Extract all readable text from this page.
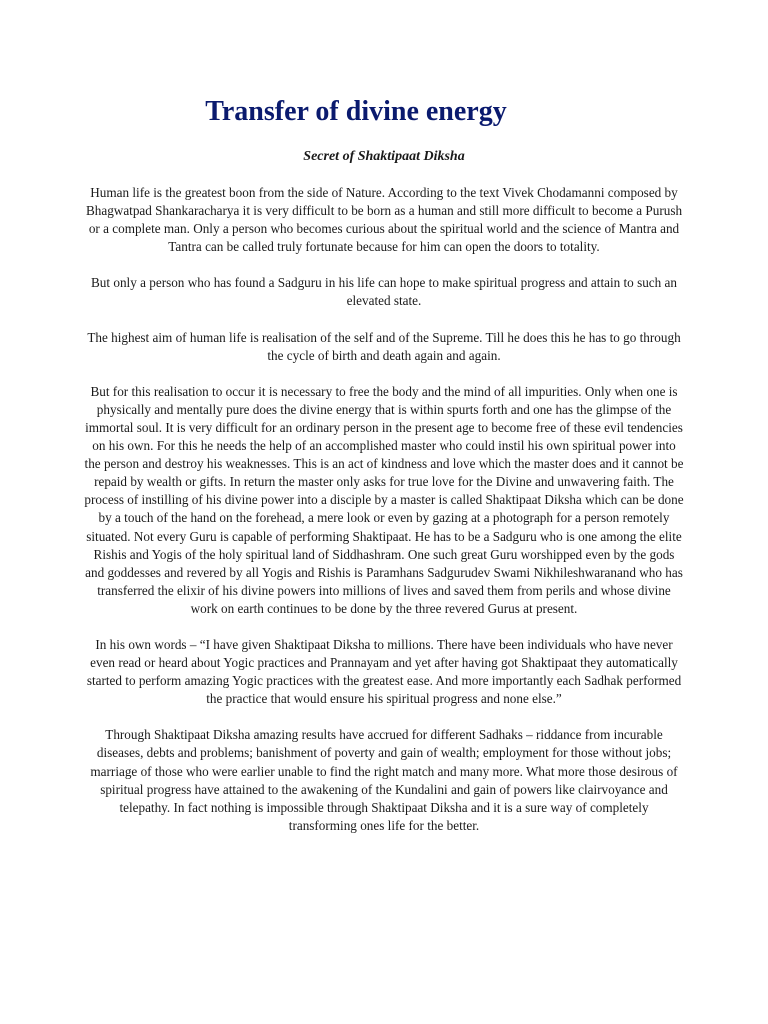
Transfer of divine energy
Secret of Shaktipaat Diksha

Human life is the greatest boon from the side of Nature. According to the text Vivek Chodamanni composed by Bhagwatpad Shankaracharya it is very difficult to be born as a human and still more difficult to become a Purush or a complete man. Only a person who becomes curious about the spiritual world and the science of Mantra and Tantra can be called truly fortunate because for him can open the doors to totality.

But only a person who has found a Sadguru in his life can hope to make spiritual progress and attain to such an elevated state.

The highest aim of human life is realisation of the self and of the Supreme. Till he does this he has to go through the cycle of birth and death again and again.

But for this realisation to occur it is necessary to free the body and the mind of all impurities. Only when one is physically and mentally pure does the divine energy that is within spurts forth and one has the glimpse of the immortal soul. It is very difficult for an ordinary person in the present age to become free of these evil tendencies on his own. For this he needs the help of an accomplished master who could instil his own spiritual power into the person and destroy his weaknesses. This is an act of kindness and love which the master does and it cannot be repaid by wealth or gifts. In return the master only asks for true love for the Divine and unwavering faith. The process of instilling of his divine power into a disciple by a master is called Shaktipaat Diksha which can be done by a touch of the hand on the forehead, a mere look or even by gazing at a photograph for a person remotely situated. Not every Guru is capable of performing Shaktipaat. He has to be a Sadguru who is one among the elite Rishis and Yogis of the holy spiritual land of Siddhashram. One such great Guru worshipped even by the gods and goddesses and revered by all Yogis and Rishis is Paramhans Sadgurudev Swami Nikhileshwaranand who has transferred the elixir of his divine powers into millions of lives and saved them from perils and whose divine work on earth continues to be done by the three revered Gurus at present.

In his own words – “I have given Shaktipaat Diksha to millions. There have been individuals who have never even read or heard about Yogic practices and Prannayam and yet after having got Shaktipaat they automatically started to perform amazing Yogic practices with the greatest ease. And more importantly each Sadhak performed the practice that would ensure his spiritual progress and none else.”

Through Shaktipaat Diksha amazing results have accrued for different Sadhaks – riddance from incurable diseases, debts and problems; banishment of poverty and gain of wealth; employment for those without jobs; marriage of those who were earlier unable to find the right match and many more. What more those desirous of spiritual progress have attained to the awakening of the Kundalini and gain of powers like clairvoyance and telepathy. In fact nothing is impossible through Shaktipaat Diksha and it is a sure way of completely transforming ones life for the better.
